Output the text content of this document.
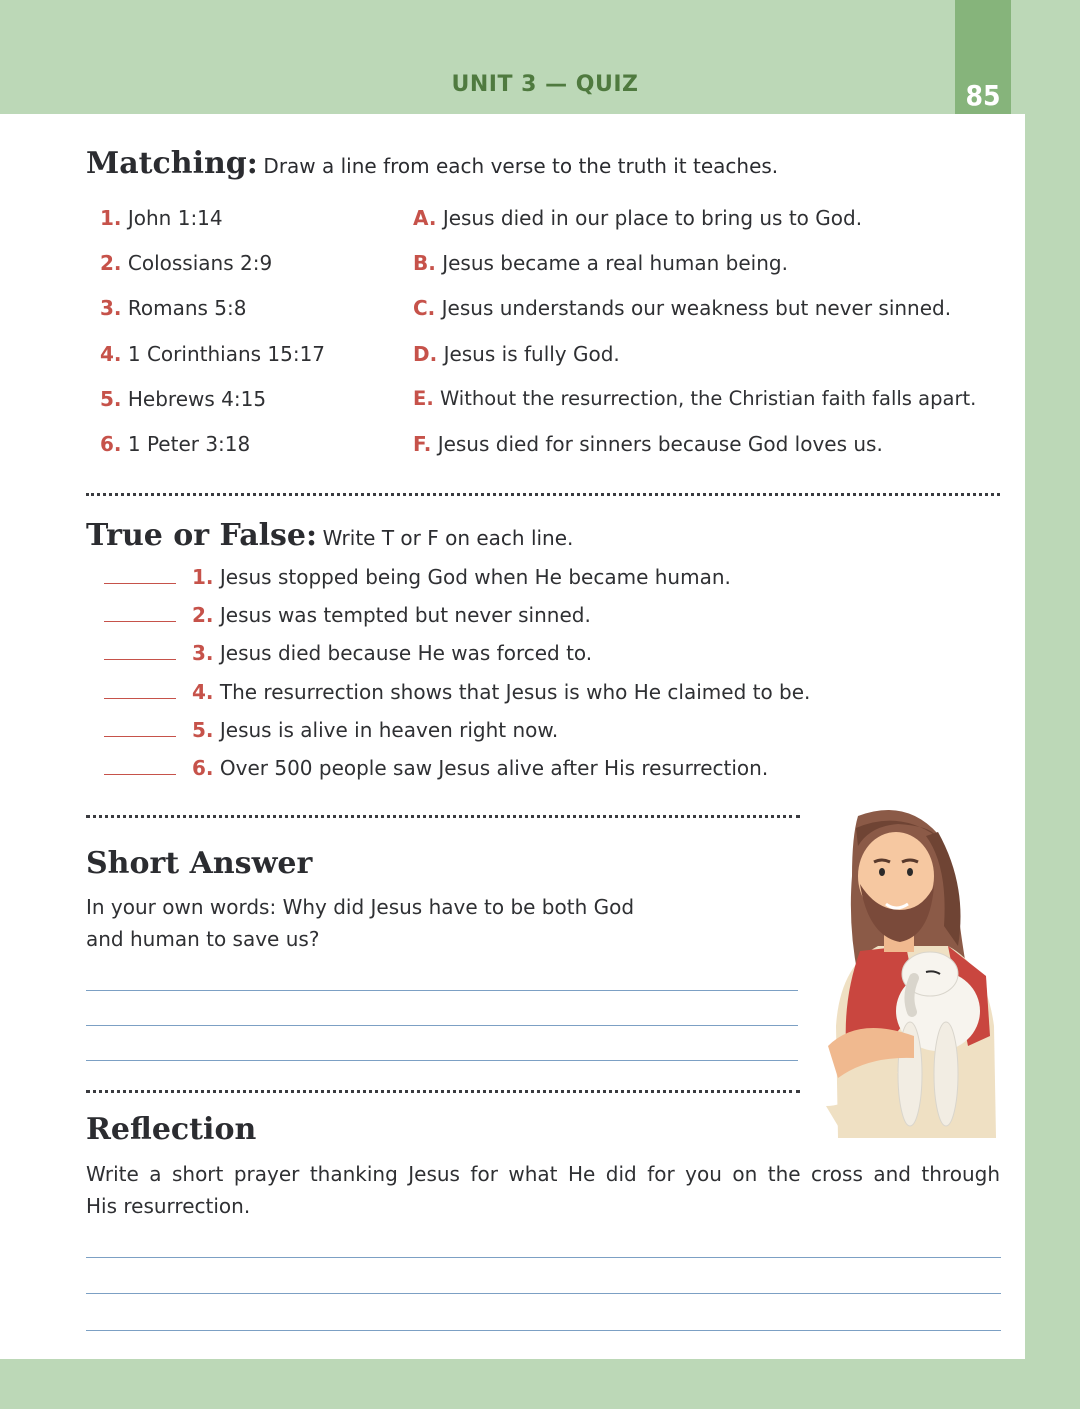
UNIT 3 — QUIZ	85
Matching: Draw a line from each verse to the truth it teaches.
1. John 1:14
2. Colossians 2:9
3. Romans 5:8
4. 1 Corinthians 15:17
5. Hebrews 4:15
6. 1 Peter 3:18
A. Jesus died in our place to bring us to God.
B. Jesus became a real human being.
C. Jesus understands our weakness but never sinned.
D. Jesus is fully God.
E. Without the resurrection, the Christian faith falls apart.
F. Jesus died for sinners because God loves us.
True or False: Write T or F on each line.
1. Jesus stopped being God when He became human.
2. Jesus was tempted but never sinned.
3. Jesus died because He was forced to.
4. The resurrection shows that Jesus is who He claimed to be.
5. Jesus is alive in heaven right now.
6. Over 500 people saw Jesus alive after His resurrection.
Short Answer
In your own words: Why did Jesus have to be both God
and human to save us?
Reflection
Write a short prayer thanking Jesus for what He did for you on the cross and through
His resurrection.
